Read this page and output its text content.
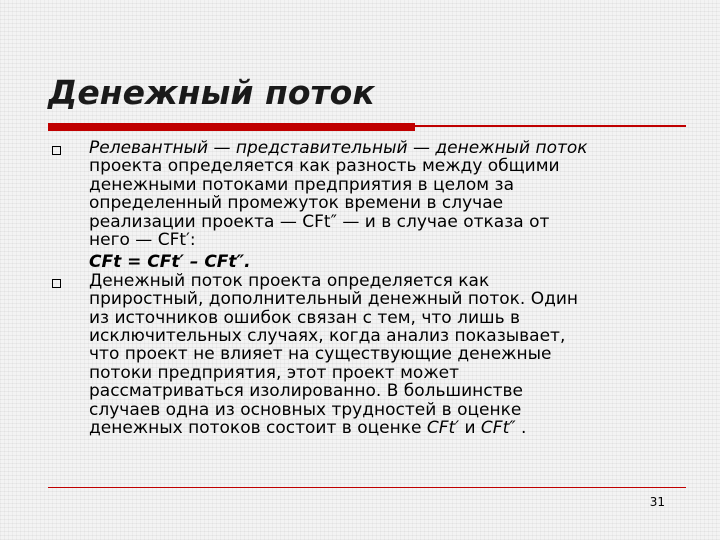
Денежный поток
Релевантный — представительный — денежный поток
проекта определяется как разность между общими
денежными потоками предприятия в целом за
определенный промежуток времени в случае
реализации проекта — CFt″ — и в случае отказа от
него — CFt′:
CFt = CFt′ – CFt″.
Денежный поток проекта определяется как
приростный, дополнительный денежный поток. Один
из источников ошибок связан с тем, что лишь в
исключительных случаях, когда анализ показывает,
что проект не влияет на существующие денежные
потоки предприятия, этот проект может
рассматриваться изолированно. В большинстве
случаев одна из основных трудностей в оценке
денежных потоков состоит в оценке CFt′ и CFt″ .
31
